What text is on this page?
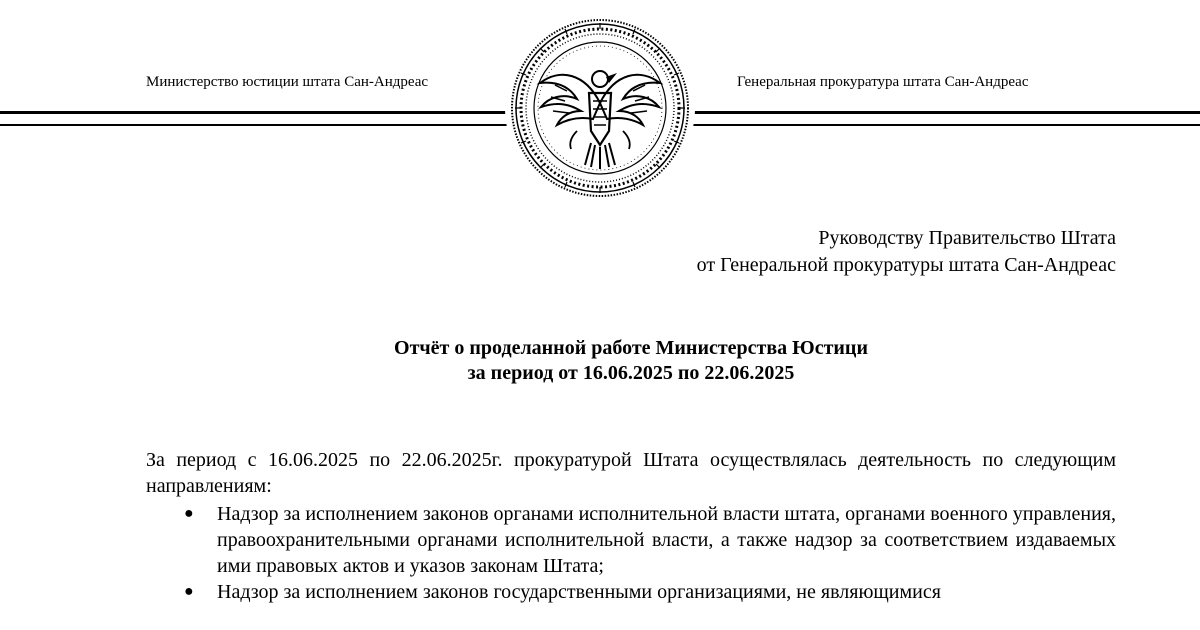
Министерство юстиции штата Сан-Андреас	Генеральная прокуратура штата Сан-Андреас
Руководству Правительство Штата
от Генеральной прокуратуры штата Сан-Андреас
Отчёт о проделанной работе Министерства Юстици
за период от 16.06.2025 по 22.06.2025

За период с 16.06.2025 по 22.06.2025г. прокуратурой Штата осуществлялась деятельность по следующим направлениям:

● Надзор за исполнением законов органами исполнительной власти штата, органами военного управления, правоохранительными органами исполнительной власти, а также надзор за соответствием издаваемых ими правовых актов и указов законам Штата;
● Надзор за исполнением законов государственными организациями, не являющимися
